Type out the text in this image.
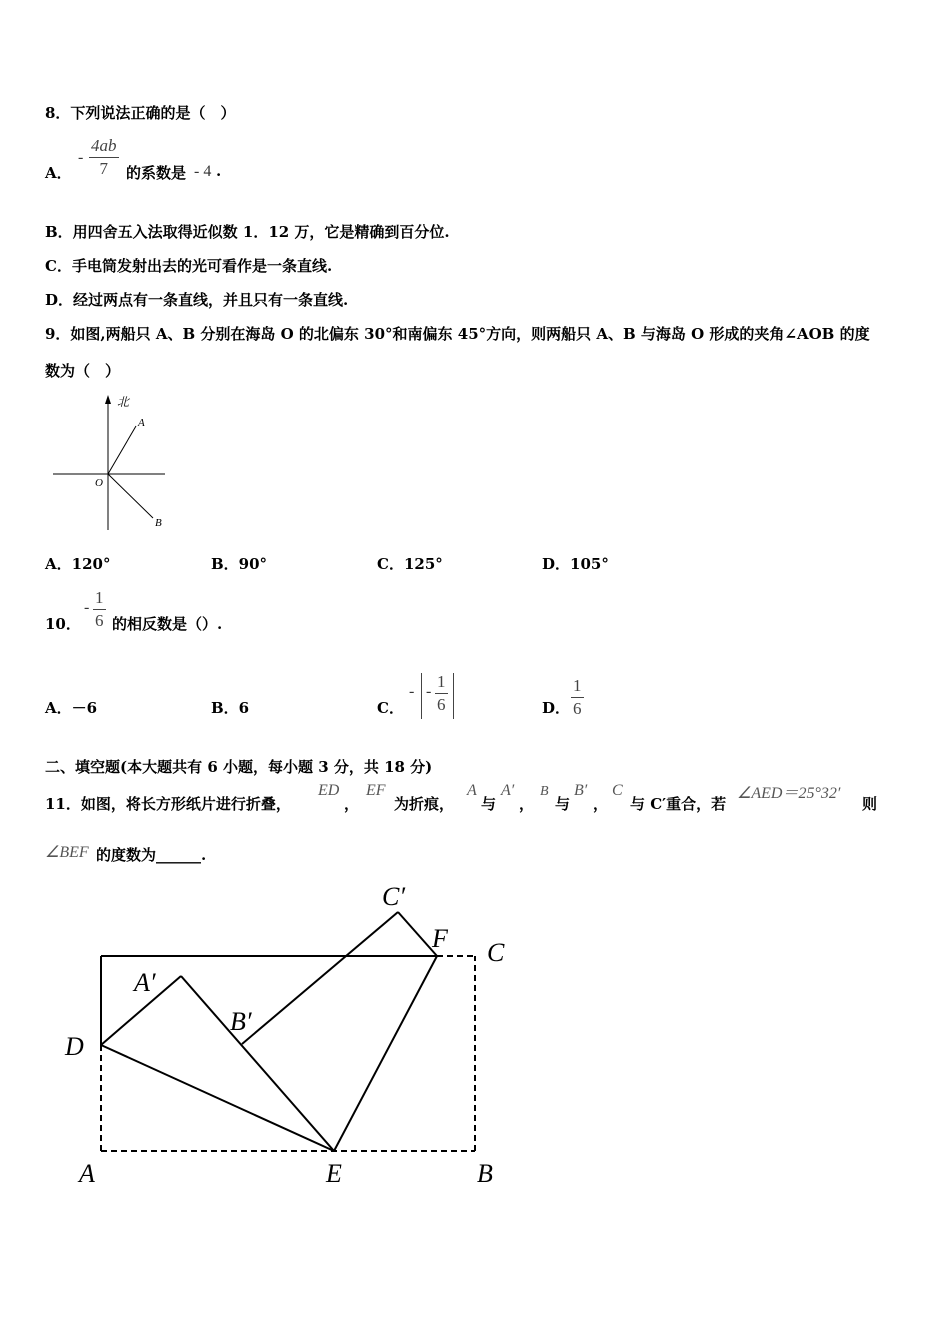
8．下列说法正确的是（　）
A．
-
4ab
7	的系数是 - 4 .
B．用四舍五入法取得近似数 1．12 万，它是精确到百分位.
C．手电筒发射出去的光可看作是一条直线.
D．经过两点有一条直线，并且只有一条直线.
9．如图,两船只 A、B 分别在海岛 O 的北偏东 30°和南偏东 45°方向，则两船只 A、B 与海岛 O 形成的夹角∠AOB 的度
数为（　）
北
A
O
B
A．120°	B．90°	C．125°	D．105°
10．
-
1
6 的相反数是（）.
A．－6	B．6	C．
- -
1
6	D．
1
6
二、填空题(本大题共有 6 小题，每小题 3 分，共 18 分)
11．如图，将长方形纸片进行折叠，
ED
，
EF
为折痕，
A
与
A′
，
B
与
B′
，
C
与 C′重合，若
∠AED＝25°32′
则
∠BEF 的度数为______.
C′
F C
A′
B′
D
A	E	B
